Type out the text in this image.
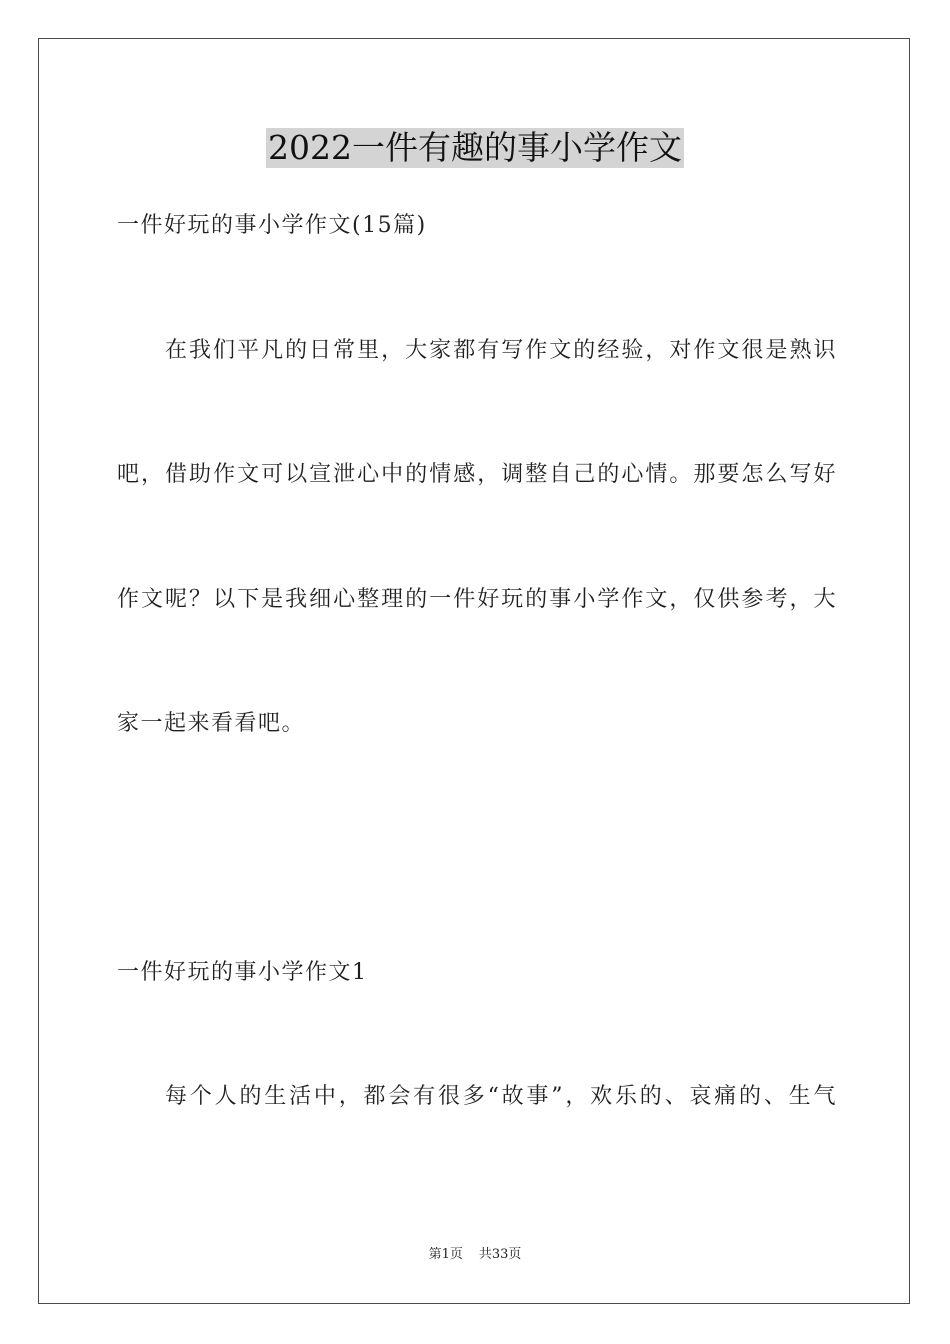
2022一件有趣的事小学作文
一件好玩的事小学作文(15篇)
在我们平凡的日常里，大家都有写作文的经验，对作文很是熟识
吧，借助作文可以宣泄心中的情感，调整自己的心情。那要怎么写好
作文呢？以下是我细心整理的一件好玩的事小学作文，仅供参考，大
家一起来看看吧。
一件好玩的事小学作文1
每个人的生活中，都会有很多“故事”，欢乐的、哀痛的、生气
第1页 共33页
